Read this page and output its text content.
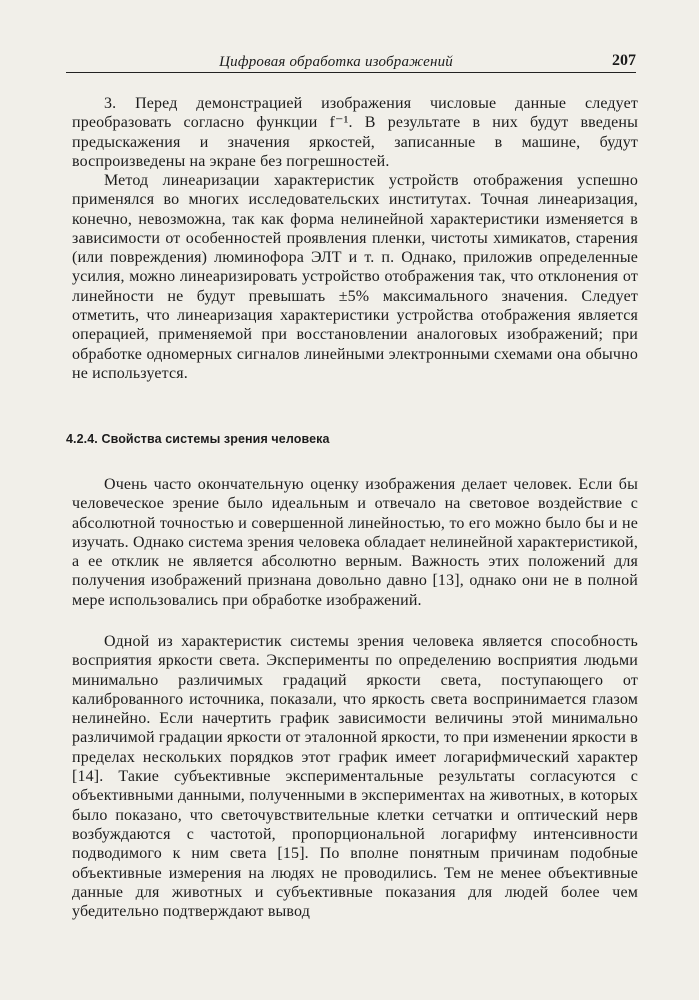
Цифровая обработка изображений	207

3. Перед демонстрацией изображения числовые данные следует преобразовать согласно функции f⁻¹. В результате в них будут введены предыскажения и значения яркостей, записанные в машине, будут воспроизведены на экране без погрешностей.

Метод линеаризации характеристик устройств отображения успешно применялся во многих исследовательских институтах. Точная линеаризация, конечно, невозможна, так как форма нелинейной характеристики изменяется в зависимости от особенностей проявления пленки, чистоты химикатов, старения (или повреждения) люминофора ЭЛТ и т. п. Однако, приложив определенные усилия, можно линеаризировать устройство отображения так, что отклонения от линейности не будут превышать ±5% максимального значения. Следует отметить, что линеаризация характеристики устройства отображения является операцией, применяемой при восстановлении аналоговых изображений; при обработке одномерных сигналов линейными электронными схемами она обычно не используется.

4.2.4. Свойства системы зрения человека

Очень часто окончательную оценку изображения делает человек. Если бы человеческое зрение было идеальным и отвечало на световое воздействие с абсолютной точностью и совершенной линейностью, то его можно было бы и не изучать. Однако система зрения человека обладает нелинейной характеристикой, а ее отклик не является абсолютно верным. Важность этих положений для получения изображений признана довольно давно [13], однако они не в полной мере использовались при обработке изображений.

Одной из характеристик системы зрения человека является способность восприятия яркости света. Эксперименты по определению восприятия людьми минимально различимых градаций яркости света, поступающего от калиброванного источника, показали, что яркость света воспринимается глазом нелинейно. Если начертить график зависимости величины этой минимально различимой градации яркости от эталонной яркости, то при изменении яркости в пределах нескольких порядков этот график имеет логарифмический характер [14]. Такие субъективные экспериментальные результаты согласуются с объективными данными, полученными в экспериментах на животных, в которых было показано, что светочувствительные клетки сетчатки и оптический нерв возбуждаются с частотой, пропорциональной логарифму интенсивности подводимого к ним света [15]. По вполне понятным причинам подобные объективные измерения на людях не проводились. Тем не менее объективные данные для животных и субъективные показания для людей более чем убедительно подтверждают вывод
